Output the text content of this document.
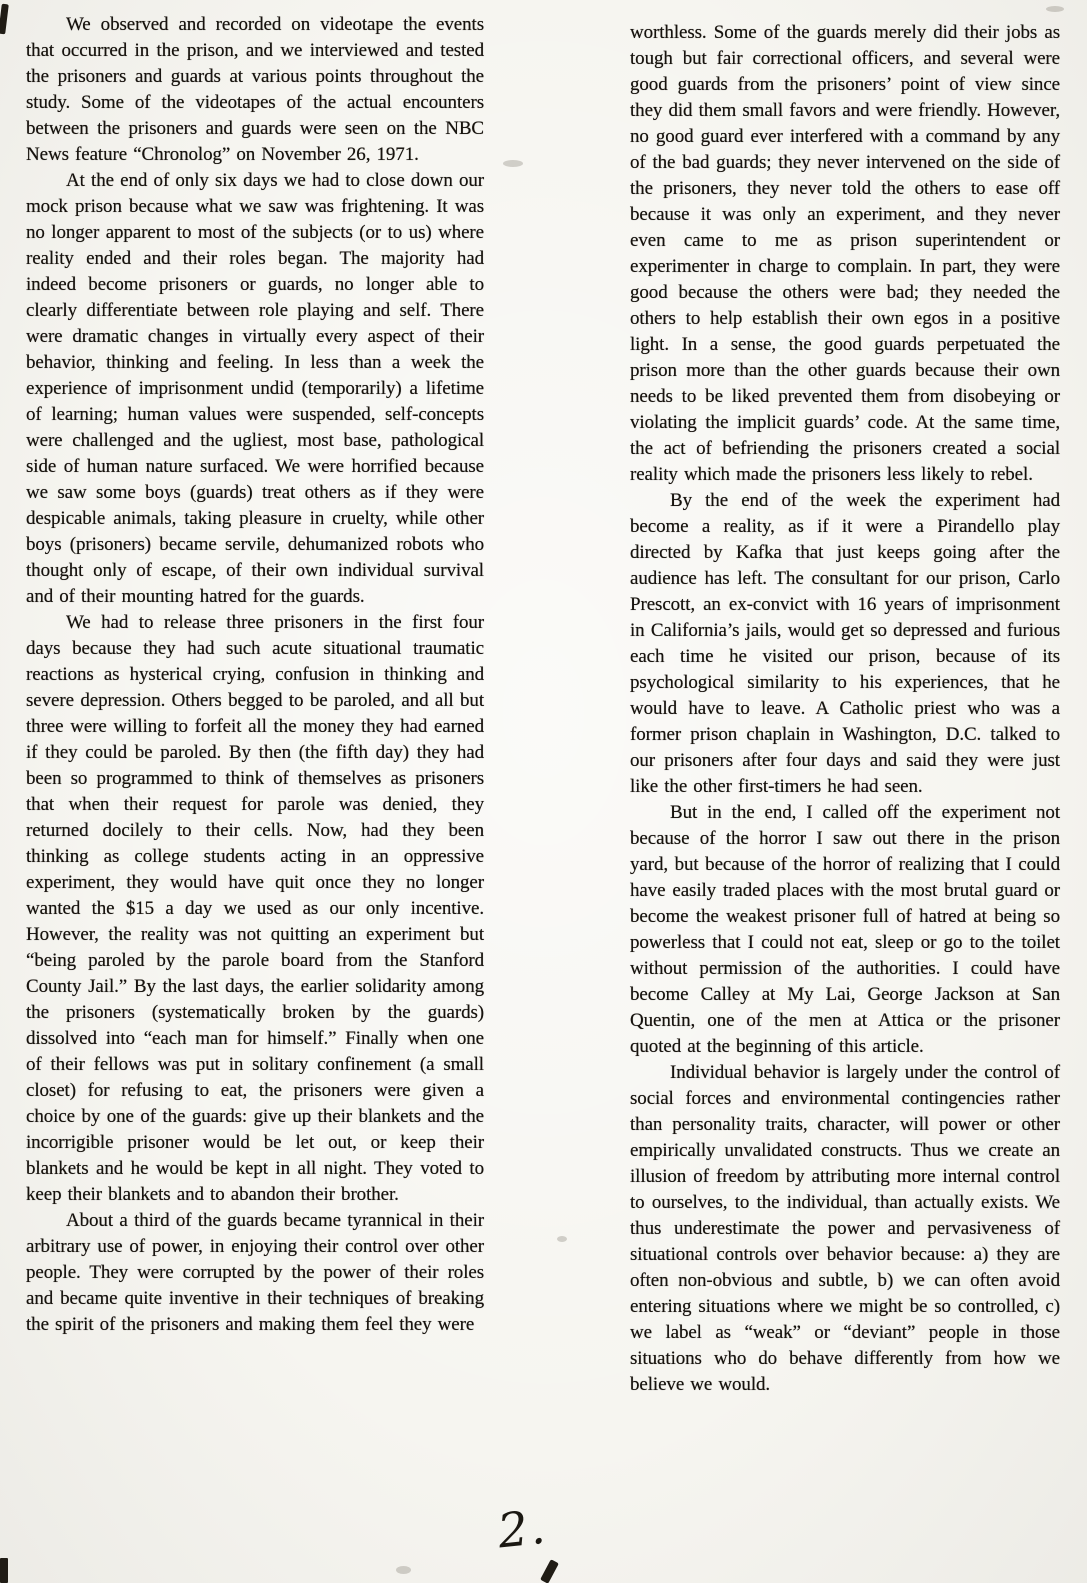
We observed and recorded on videotape the events that occurred in the prison, and we interviewed and tested the prisoners and guards at various points throughout the study. Some of the videotapes of the actual encounters between the prisoners and guards were seen on the NBC News feature “Chronolog” on November 26, 1971.

At the end of only six days we had to close down our mock prison because what we saw was frightening. It was no longer apparent to most of the subjects (or to us) where reality ended and their roles began. The majority had indeed become prisoners or guards, no longer able to clearly differentiate between role playing and self. There were dramatic changes in virtually every aspect of their behavior, thinking and feeling. In less than a week the experience of imprisonment undid (temporarily) a lifetime of learning; human values were suspended, self-concepts were challenged and the ugliest, most base, pathological side of human nature surfaced. We were horrified because we saw some boys (guards) treat others as if they were despicable animals, taking pleasure in cruelty, while other boys (prisoners) became servile, dehumanized robots who thought only of escape, of their own individual survival and of their mounting hatred for the guards.

We had to release three prisoners in the first four days because they had such acute situational traumatic reactions as hysterical crying, confusion in thinking and severe depression. Others begged to be paroled, and all but three were willing to forfeit all the money they had earned if they could be paroled. By then (the fifth day) they had been so programmed to think of themselves as prisoners that when their request for parole was denied, they returned docilely to their cells. Now, had they been thinking as college students acting in an oppressive experiment, they would have quit once they no longer wanted the $15 a day we used as our only incentive. However, the reality was not quitting an experiment but “being paroled by the parole board from the Stanford County Jail.” By the last days, the earlier solidarity among the prisoners (systematically broken by the guards) dissolved into “each man for himself.” Finally when one of their fellows was put in solitary confinement (a small closet) for refusing to eat, the prisoners were given a choice by one of the guards: give up their blankets and the incorrigible prisoner would be let out, or keep their blankets and he would be kept in all night. They voted to keep their blankets and to abandon their brother.

About a third of the guards became tyrannical in their arbitrary use of power, in enjoying their control over other people. They were corrupted by the power of their roles and became quite inventive in their techniques of breaking the spirit of the prisoners and making them feel they were

worthless. Some of the guards merely did their jobs as tough but fair correctional officers, and several were good guards from the prisoners’ point of view since they did them small favors and were friendly. However, no good guard ever interfered with a command by any of the bad guards; they never intervened on the side of the prisoners, they never told the others to ease off because it was only an experiment, and they never even came to me as prison superintendent or experimenter in charge to complain. In part, they were good because the others were bad; they needed the others to help establish their own egos in a positive light. In a sense, the good guards perpetuated the prison more than the other guards because their own needs to be liked prevented them from disobeying or violating the implicit guards’ code. At the same time, the act of befriending the prisoners created a social reality which made the prisoners less likely to rebel.

By the end of the week the experiment had become a reality, as if it were a Pirandello play directed by Kafka that just keeps going after the audience has left. The consultant for our prison, Carlo Prescott, an ex-convict with 16 years of imprisonment in California’s jails, would get so depressed and furious each time he visited our prison, because of its psychological similarity to his experiences, that he would have to leave. A Catholic priest who was a former prison chaplain in Washington, D.C. talked to our prisoners after four days and said they were just like the other first-timers he had seen.

But in the end, I called off the experiment not because of the horror I saw out there in the prison yard, but because of the horror of realizing that I could have easily traded places with the most brutal guard or become the weakest prisoner full of hatred at being so powerless that I could not eat, sleep or go to the toilet without permission of the authorities. I could have become Calley at My Lai, George Jackson at San Quentin, one of the men at Attica or the prisoner quoted at the beginning of this article.

Individual behavior is largely under the control of social forces and environmental contingencies rather than personality traits, character, will power or other empirically unvalidated constructs. Thus we create an illusion of freedom by attributing more internal control to ourselves, to the individual, than actually exists. We thus underestimate the power and pervasiveness of situational controls over behavior because: a) they are often non-obvious and subtle, b) we can often avoid entering situations where we might be so controlled, c) we label as “weak” or “deviant” people in those situations who do behave differently from how we believe we would.

2.
